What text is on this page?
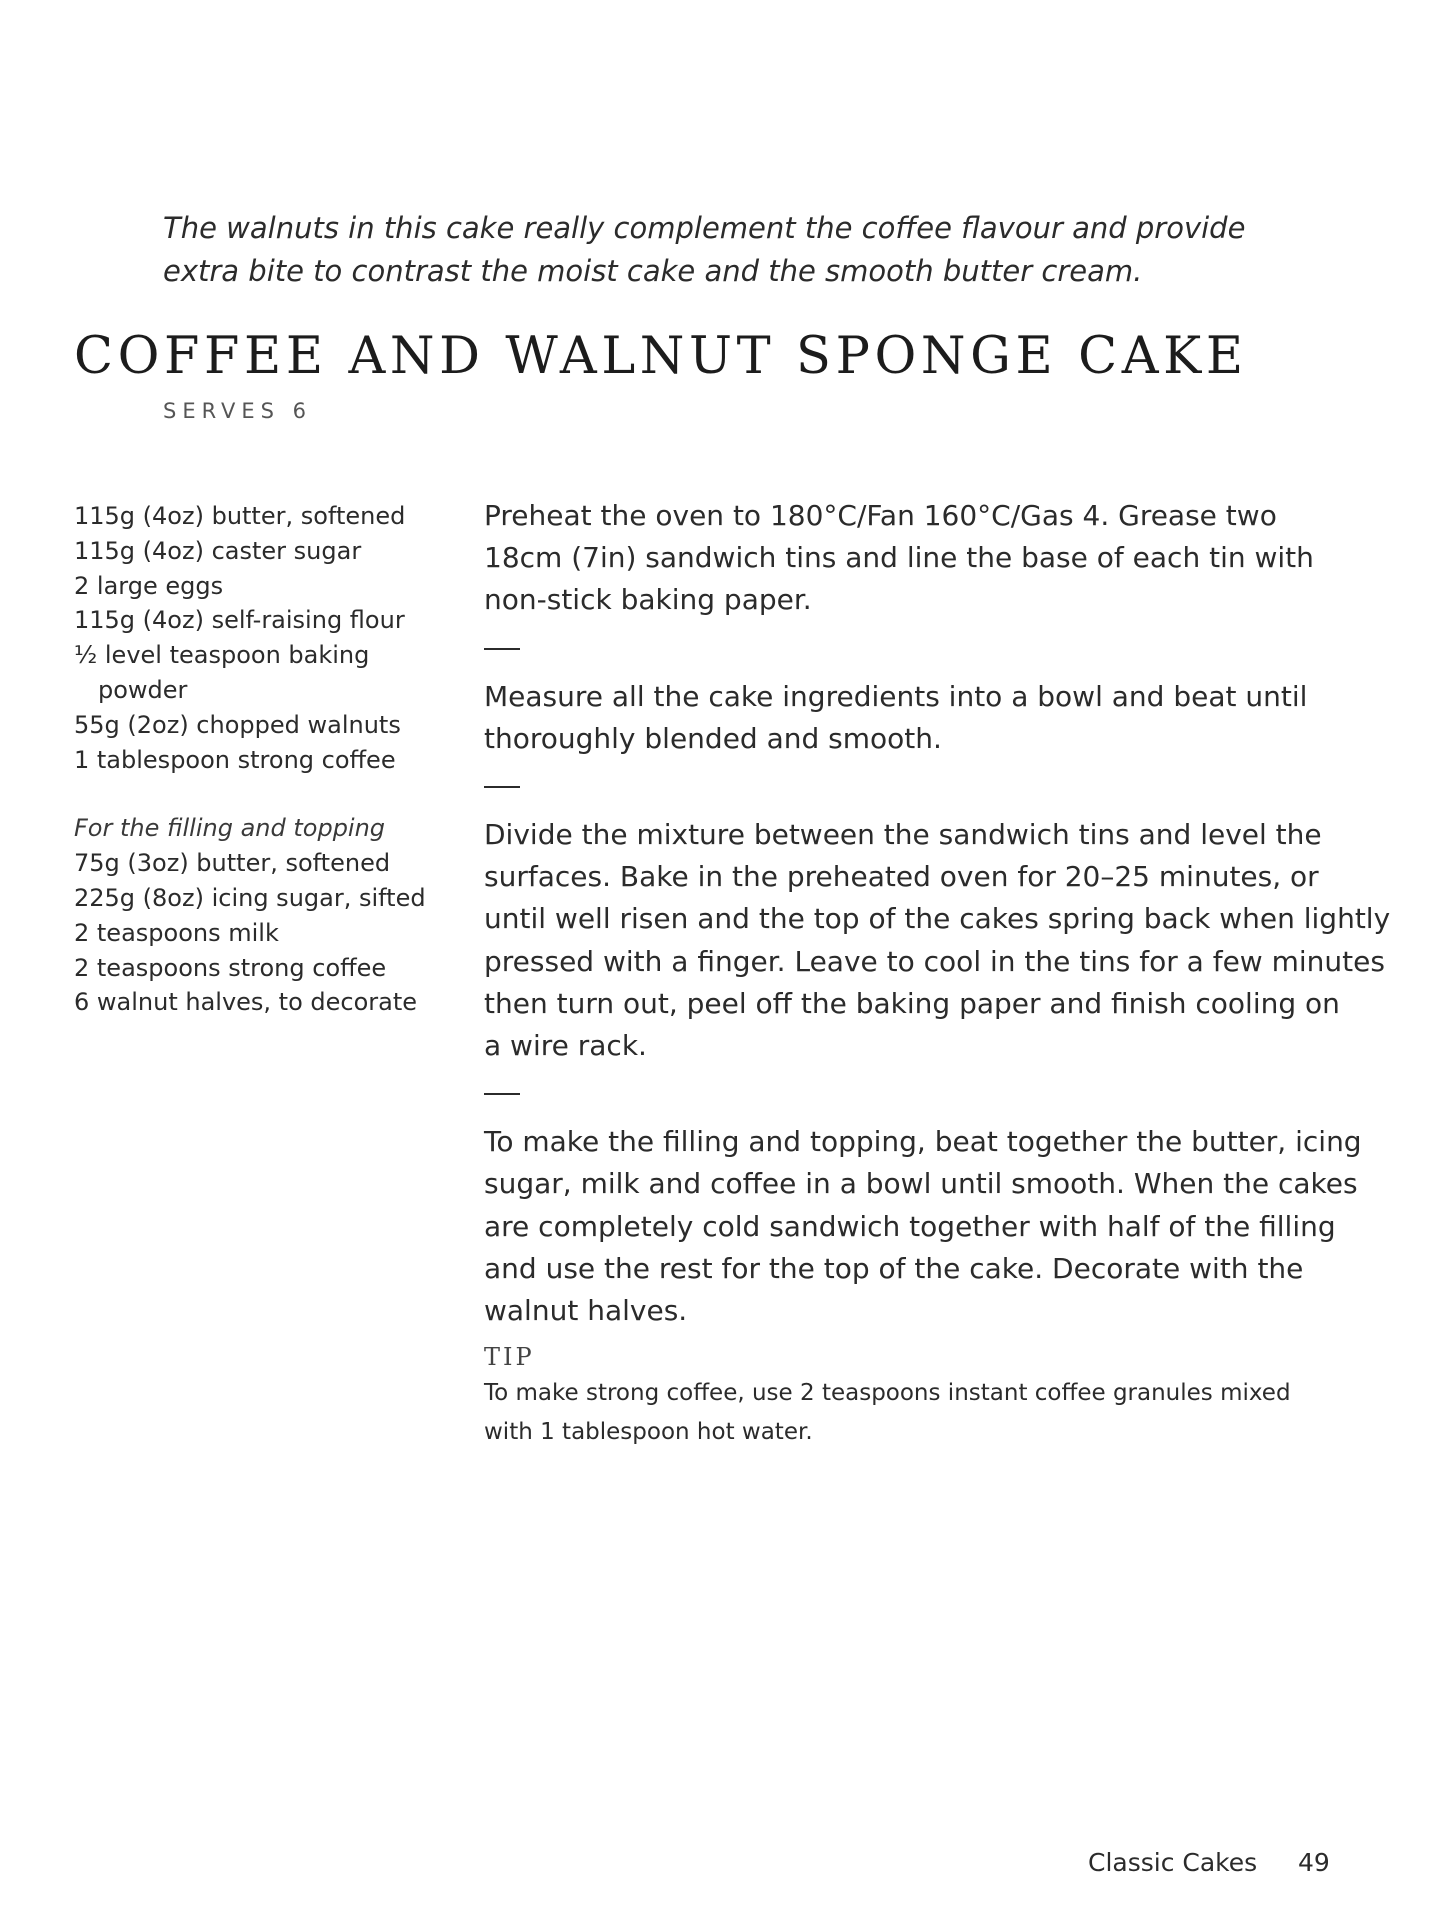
The walnuts in this cake really complement the coffee flavour and provide
extra bite to contrast the moist cake and the smooth butter cream.
COFFEE AND WALNUT SPONGE CAKE
SERVES 6
115g (4oz) butter, softened
115g (4oz) caster sugar
2 large eggs
115g (4oz) self-raising flour
½ level teaspoon baking powder
55g (2oz) chopped walnuts
1 tablespoon strong coffee
For the filling and topping
75g (3oz) butter, softened
225g (8oz) icing sugar, sifted
2 teaspoons milk
2 teaspoons strong coffee
6 walnut halves, to decorate

Preheat the oven to 180°C/Fan 160°C/Gas 4. Grease two
18cm (7in) sandwich tins and line the base of each tin with
non-stick baking paper.

Measure all the cake ingredients into a bowl and beat until
thoroughly blended and smooth.

Divide the mixture between the sandwich tins and level the
surfaces. Bake in the preheated oven for 20–25 minutes, or
until well risen and the top of the cakes spring back when lightly
pressed with a finger. Leave to cool in the tins for a few minutes
then turn out, peel off the baking paper and finish cooling on
a wire rack.

To make the filling and topping, beat together the butter, icing
sugar, milk and coffee in a bowl until smooth. When the cakes
are completely cold sandwich together with half of the filling
and use the rest for the top of the cake. Decorate with the
walnut halves.

TIP
To make strong coffee, use 2 teaspoons instant coffee granules mixed
with 1 tablespoon hot water.
Classic Cakes 49
